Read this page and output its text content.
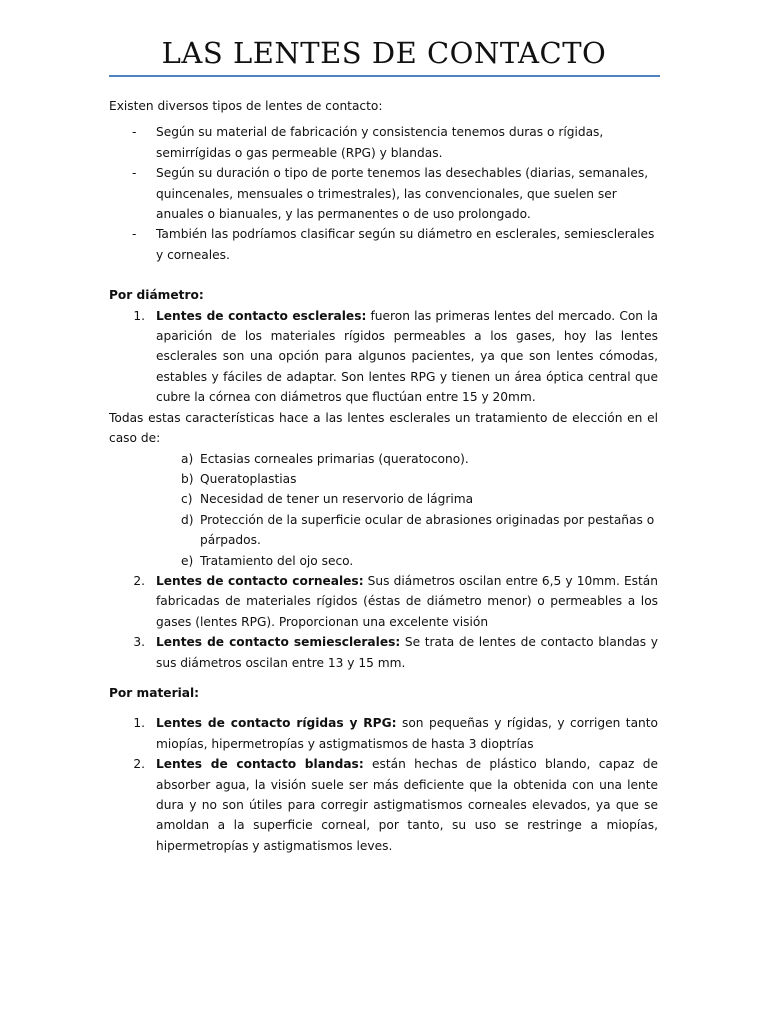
LAS LENTES DE CONTACTO

Existen diversos tipos de lentes de contacto:

-	Según su material de fabricación y consistencia tenemos duras o rígidas, semirrígidas o gas permeable (RPG) y blandas.
-	Según su duración o tipo de porte tenemos las desechables (diarias, semanales, quincenales, mensuales o trimestrales), las convencionales, que suelen ser anuales o bianuales, y las permanentes o de uso prolongado.
-	También las podríamos clasificar según su diámetro en esclerales, semiesclerales y corneales.

Por diámetro:

1. Lentes de contacto esclerales: fueron las primeras lentes del mercado. Con la aparición de los materiales rígidos permeables a los gases, hoy las lentes esclerales son una opción para algunos pacientes, ya que son lentes cómodas, estables y fáciles de adaptar. Son lentes RPG y tienen un área óptica central que cubre la córnea con diámetros que fluctúan entre 15 y 20mm.

Todas estas características hace a las lentes esclerales un tratamiento de elección en el caso de:

a) Ectasias corneales primarias (queratocono).
b) Queratoplastias
c) Necesidad de tener un reservorio de lágrima
d) Protección de la superficie ocular de abrasiones originadas por pestañas o párpados.
e) Tratamiento del ojo seco.
2. Lentes de contacto corneales: Sus diámetros oscilan entre 6,5 y 10mm. Están fabricadas de materiales rígidos (éstas de diámetro menor) o permeables a los gases (lentes RPG). Proporcionan una excelente visión
3. Lentes de contacto semiesclerales: Se trata de lentes de contacto blandas y sus diámetros oscilan entre 13 y 15 mm.

Por material:

1. Lentes de contacto rígidas y RPG: son pequeñas y rígidas, y corrigen tanto miopías, hipermetropías y astigmatismos de hasta 3 dioptrías
2. Lentes de contacto blandas: están hechas de plástico blando, capaz de absorber agua, la visión suele ser más deficiente que la obtenida con una lente dura y no son útiles para corregir astigmatismos corneales elevados, ya que se amoldan a la superficie corneal, por tanto, su uso se restringe a miopías, hipermetropías y astigmatismos leves.
